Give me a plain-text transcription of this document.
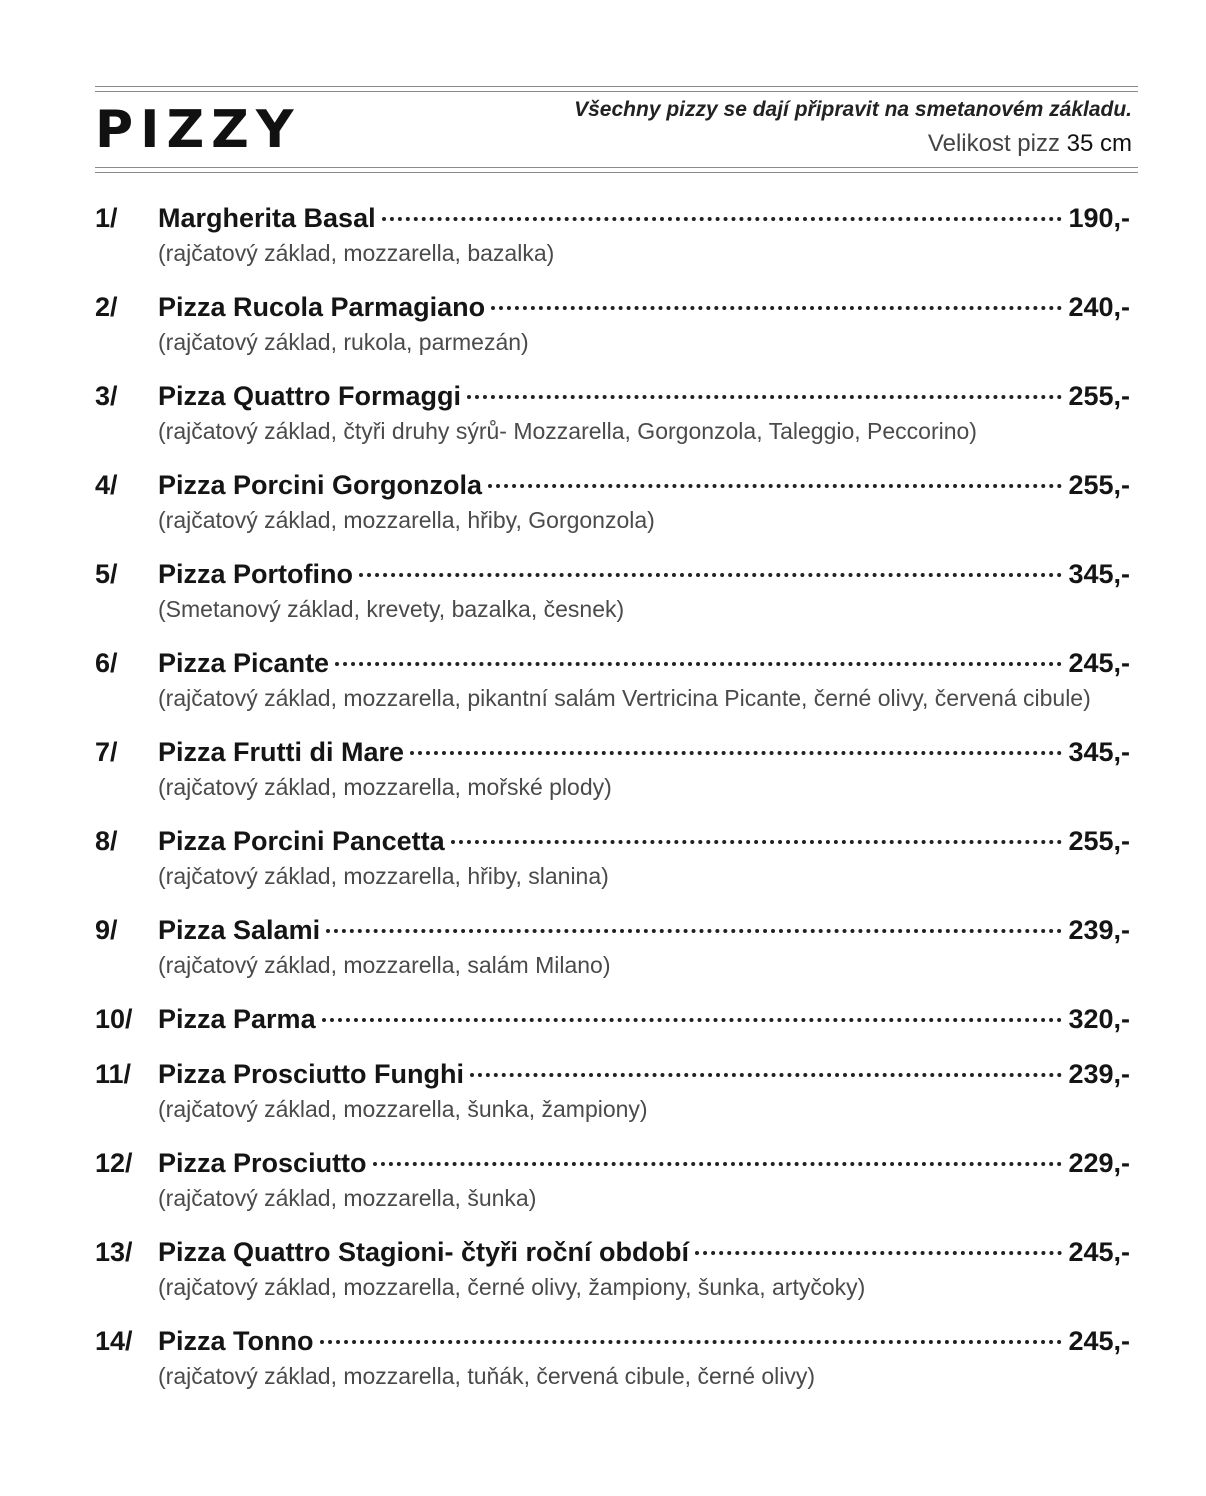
PIZZY	Všechny pizzy se dají připravit na smetanovém základu.
Velikost pizz 35 cm
1/ Margherita Basal	190,-
(rajčatový základ, mozzarella, bazalka)
2/ Pizza Rucola Parmagiano	240,-
(rajčatový základ, rukola, parmezán)
3/ Pizza Quattro Formaggi	255,-
(rajčatový základ, čtyři druhy sýrů- Mozzarella, Gorgonzola, Taleggio, Peccorino)
4/ Pizza Porcini Gorgonzola	255,-
(rajčatový základ, mozzarella, hřiby, Gorgonzola)
5/ Pizza Portofino	345,-
(Smetanový základ, krevety, bazalka, česnek)
6/ Pizza Picante	245,-
(rajčatový základ, mozzarella, pikantní salám Vertricina Picante, černé olivy, červená cibule)
7/ Pizza Frutti di Mare	345,-
(rajčatový základ, mozzarella, mořské plody)
8/ Pizza Porcini Pancetta	255,-
(rajčatový základ, mozzarella, hřiby, slanina)
9/ Pizza Salami	239,-
(rajčatový základ, mozzarella, salám Milano)
10/ Pizza Parma	320,-
11/ Pizza Prosciutto Funghi	239,-
(rajčatový základ, mozzarella, šunka, žampiony)
12/ Pizza Prosciutto	229,-
(rajčatový základ, mozzarella, šunka)
13/ Pizza Quattro Stagioni- čtyři roční období	245,-
(rajčatový základ, mozzarella, černé olivy, žampiony, šunka, artyčoky)
14/ Pizza Tonno	245,-
(rajčatový základ, mozzarella, tuňák, červená cibule, černé olivy)
